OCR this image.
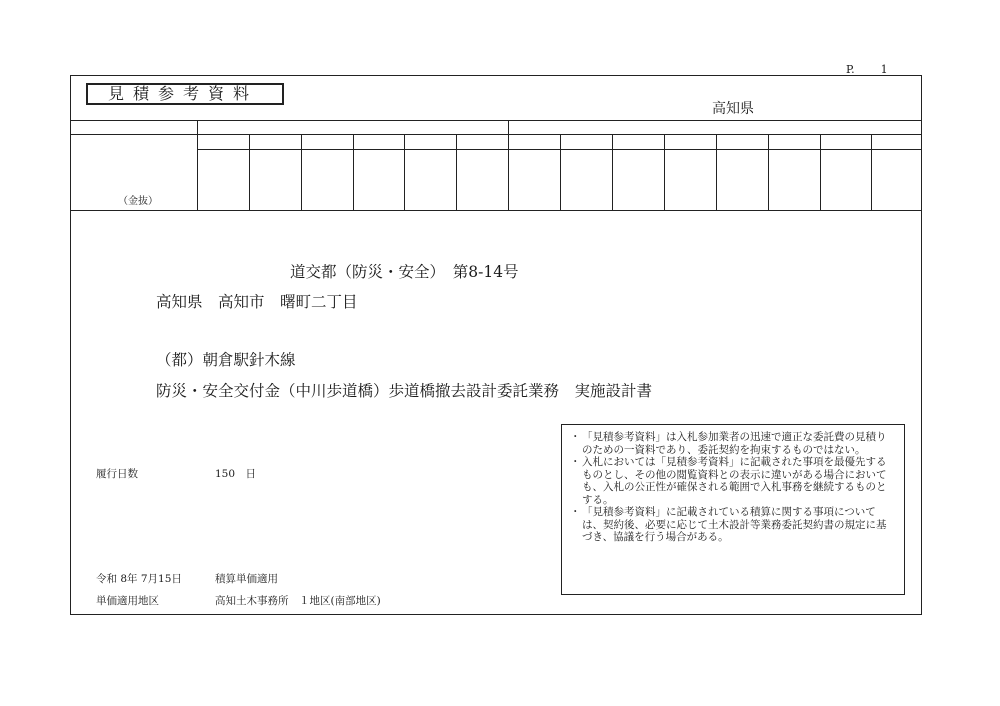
P. 1
見積参考資料
高知県
（金抜）
道交都（防災・安全）　第8-14号
高知県　高知市　曙町二丁目
（都）朝倉駅針木線
防災・安全交付金（中川歩道橋）歩道橋撤去設計委託業務　実施設計書
履行日数	150　日
令和 8年 7月15日	積算単価適用
単価適用地区	高知土木事務所　１地区(南部地区)
・ 「見積参考資料」は入札参加業者の迅速で適正な委託費の見積りのための一資料であり、委託契約を拘束するものではない。
・ 入札においては「見積参考資料」に記載された事項を最優先するものとし、その他の閲覧資料との表示に違いがある場合においても、入札の公正性が確保される範囲で入札事務を継続するものとする。
・ 「見積参考資料」に記載されている積算に関する事項については、契約後、必要に応じて土木設計等業務委託契約書の規定に基づき、協議を行う場合がある。
